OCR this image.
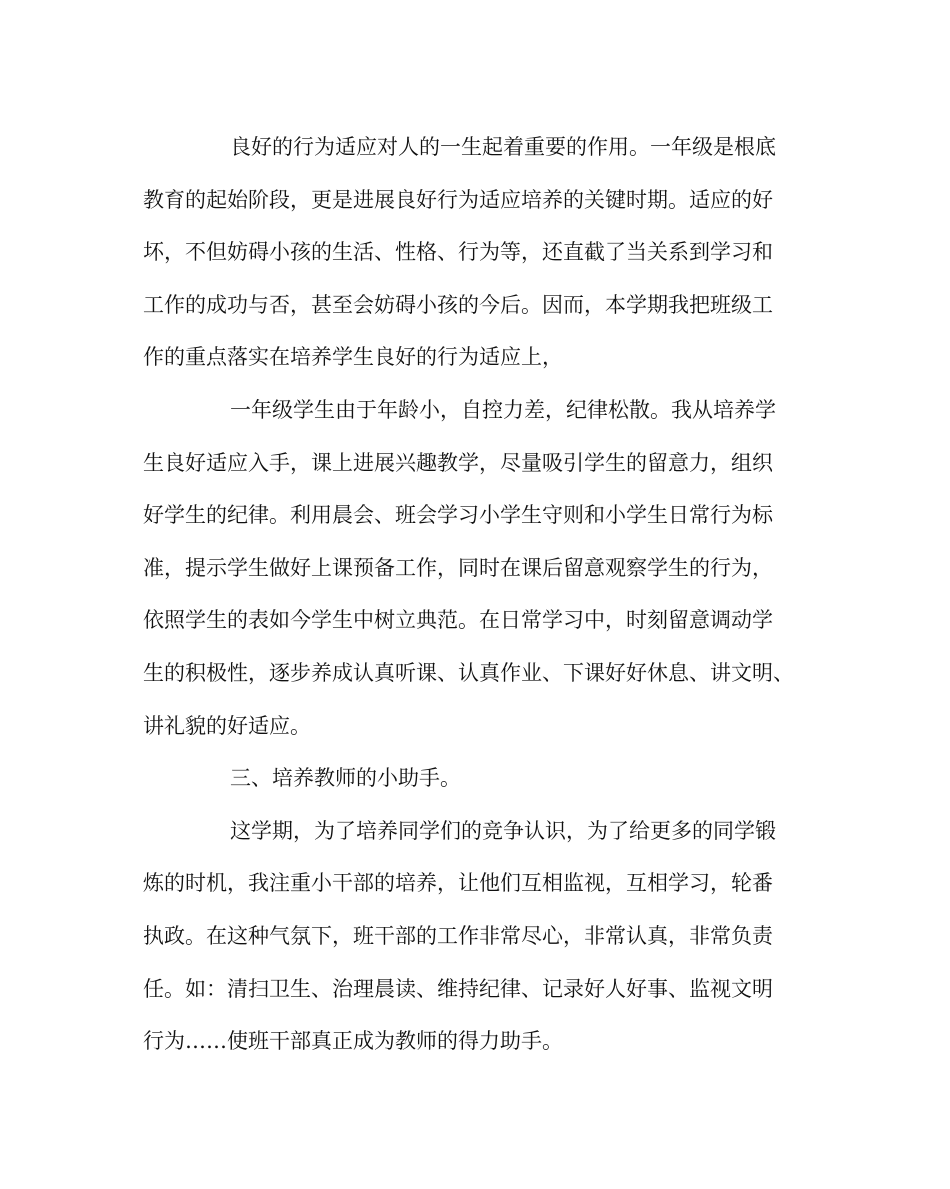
良好的行为适应对人的一生起着重要的作用。一年级是根底

教育的起始阶段，更是进展良好行为适应培养的关键时期。适应的好

坏，不但妨碍小孩的生活、性格、行为等，还直截了当关系到学习和

工作的成功与否，甚至会妨碍小孩的今后。因而，本学期我把班级工

作的重点落实在培养学生良好的行为适应上，

一年级学生由于年龄小，自控力差，纪律松散。我从培养学

生良好适应入手，课上进展兴趣教学，尽量吸引学生的留意力，组织

好学生的纪律。利用晨会、班会学习小学生守则和小学生日常行为标

准，提示学生做好上课预备工作，同时在课后留意观察学生的行为，

依照学生的表如今学生中树立典范。在日常学习中，时刻留意调动学

生的积极性，逐步养成认真听课、认真作业、下课好好休息、讲文明、

讲礼貌的好适应。

三、培养教师的小助手。

这学期，为了培养同学们的竞争认识，为了给更多的同学锻

炼的时机，我注重小干部的培养，让他们互相监视，互相学习，轮番

执政。在这种气氛下，班干部的工作非常尽心，非常认真，非常负责

任。如：清扫卫生、治理晨读、维持纪律、记录好人好事、监视文明

行为……使班干部真正成为教师的得力助手。
